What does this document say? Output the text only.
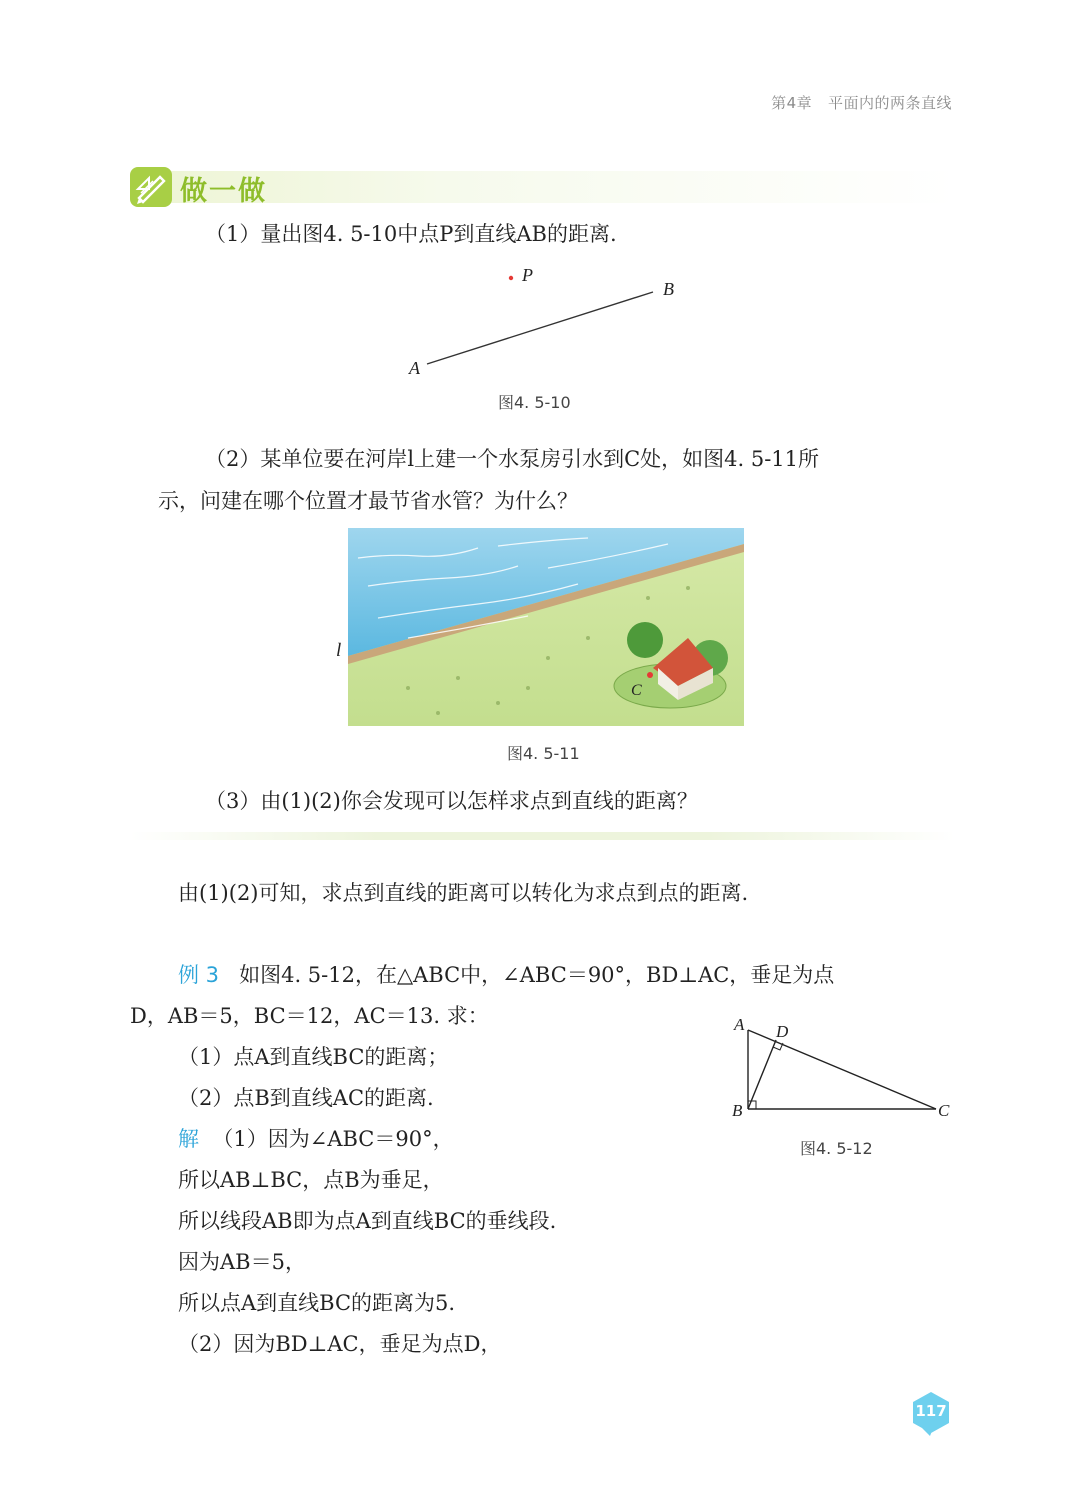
第4章 平面内的两条直线
做一做
（1）量出图4. 5-10中点P到直线AB的距离.
P
B
A
图4. 5-10
（2）某单位要在河岸l上建一个水泵房引水到C处，如图4. 5-11所
示，问建在哪个位置才最节省水管？为什么？
C
l
图4. 5-11
（3）由(1)(2)你会发现可以怎样求点到直线的距离？
由(1)(2)可知，求点到直线的距离可以转化为求点到点的距离.
例 3 如图4. 5-12，在△ABC中，∠ABC＝90°，BD⊥AC，垂足为点
D，AB＝5，BC＝12，AC＝13. 求：
（1）点A到直线BC的距离；
（2）点B到直线AC的距离.
A D
B	C
图4. 5-12
解 （1）因为∠ABC＝90°，
所以AB⊥BC，点B为垂足，
所以线段AB即为点A到直线BC的垂线段.
因为AB＝5，
所以点A到直线BC的距离为5.
（2）因为BD⊥AC，垂足为点D，
117
